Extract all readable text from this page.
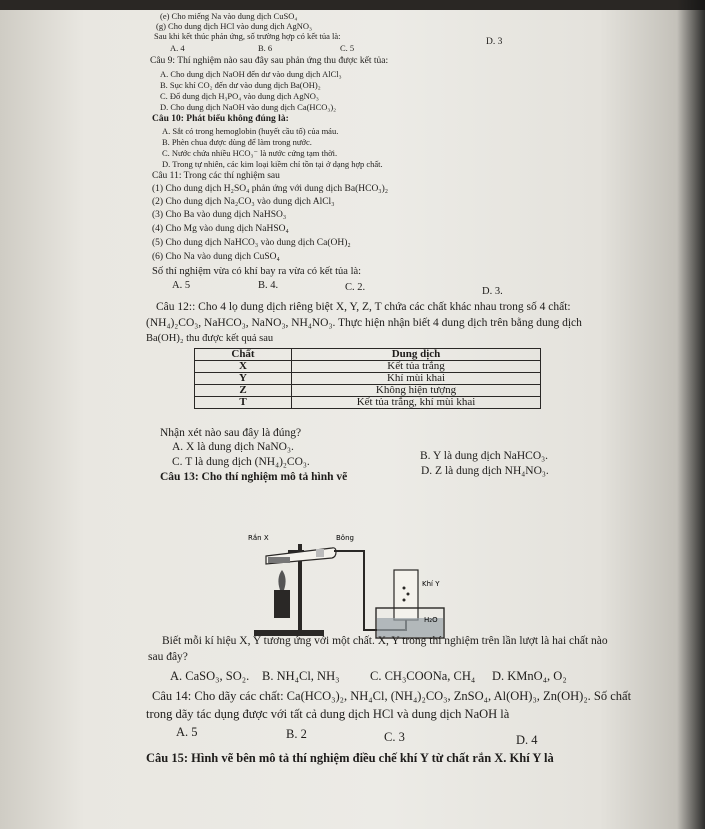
(e) Cho miếng Na vào dung dịch CuSO₄
(g) Cho dung dịch HCl vào dung dịch AgNO₃
Sau khi kết thúc phản ứng, số trường hợp có kết tủa là:
D. 3
A. 4	B. 6	C. 5
Câu 9: Thí nghiệm nào sau đây sau phản ứng thu được kết tủa:
A. Cho dung dịch NaOH đến dư vào dung dịch AlCl₃
B. Sục khí CO₂ đến dư vào dung dịch Ba(OH)₂
C. Đổ dung dịch H₃PO₄ vào dung dịch AgNO₃
D. Cho dung dịch NaOH vào dung dịch Ca(HCO₃)₂
Câu 10: Phát biểu không đúng là:
A. Sắt có trong hemoglobin (huyết cầu tố) của máu.
B. Phèn chua được dùng để làm trong nước.
C. Nước chứa nhiều HCO₃⁻ là nước cứng tạm thời.
D. Trong tự nhiên, các kim loại kiềm chỉ tồn tại ở dạng hợp chất.
Câu 11: Trong các thí nghiệm sau
(1) Cho dung dịch H₂SO₄ phản ứng với dung dịch Ba(HCO₃)₂
(2) Cho dung dịch Na₂CO₃ vào dung dịch AlCl₃
(3) Cho Ba vào dung dịch NaHSO₃
(4) Cho Mg vào dung dịch NaHSO₄
(5) Cho dung dịch NaHCO₃ vào dung dịch Ca(OH)₂
(6) Cho Na vào dung dịch CuSO₄
Số thí nghiệm vừa có khí bay ra vừa có kết tủa là:
A. 5	B. 4.	C. 2.	D. 3.
Câu 12:: Cho 4 lọ dung dịch riêng biệt X, Y, Z, T chứa các chất khác nhau trong số 4 chất:
(NH₄)₂CO₃, NaHCO₃, NaNO₃, NH₄NO₃. Thực hiện nhận biết 4 dung dịch trên bằng dung dịch
Ba(OH)₂ thu được kết quả sau
Chất	Dung dịch
X	Kết tủa trắng
Y	Khí mùi khai
Z	Không hiện tượng
T	Kết tủa trắng, khí mùi khai
Nhận xét nào sau đây là đúng?
A. X là dung dịch NaNO₃.
B. Y là dung dịch NaHCO₃.
C. T là dung dịch (NH₄)₂CO₃.
D. Z là dung dịch NH₄NO₃.
Câu 13: Cho thí nghiệm mô tả hình vẽ
Rắn X	Bông
Khí Y
H₂O
Biết mỗi kí hiệu X, Y tương ứng với một chất. X, Y trong thí nghiệm trên lần lượt là hai chất nào
sau đây?
A. CaSO₃, SO₂. B. NH₄Cl, NH₃ C. CH₃COONa, CH₄ D. KMnO₄, O₂
Câu 14: Cho dãy các chất: Ca(HCO₃)₂, NH₄Cl, (NH₄)₂CO₃, ZnSO₄, Al(OH)₃, Zn(OH)₂. Số chất
trong dãy tác dụng được với tất cả dung dịch HCl và dung dịch NaOH là
A. 5	B. 2	C. 3	D. 4
Câu 15: Hình vẽ bên mô tả thí nghiệm điều chế khí Y từ chất rắn X. Khí Y là
